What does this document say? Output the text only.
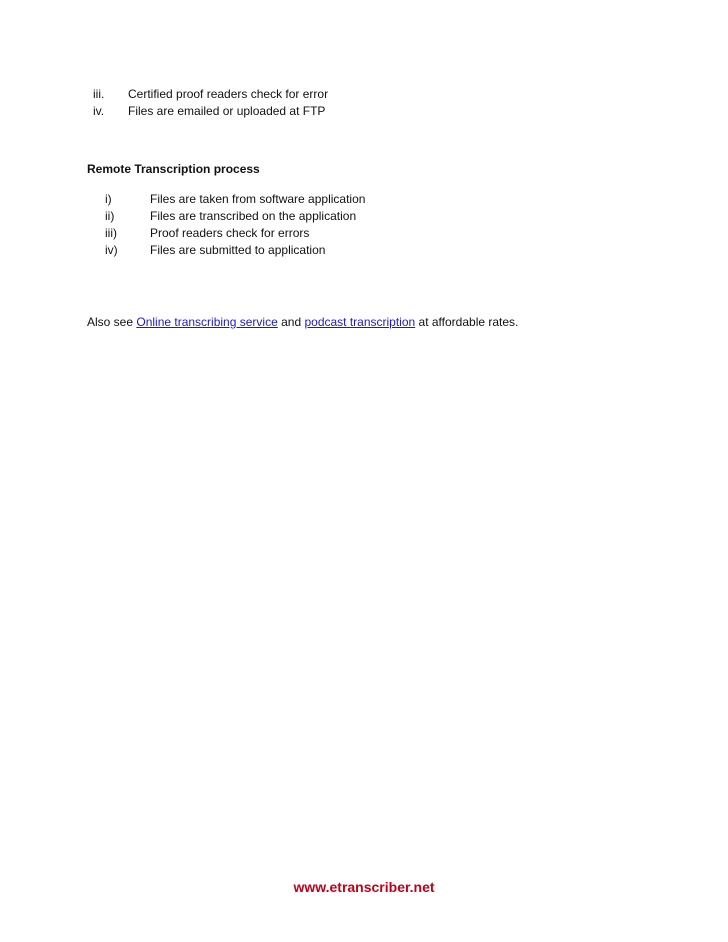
iii. Certified proof readers check for error
iv. Files are emailed or uploaded at FTP
Remote Transcription process
i)	Files are taken from software application
ii)	Files are transcribed on the application
iii)	Proof readers check for errors
iv)	Files are submitted to application

Also see Online transcribing service and podcast transcription at affordable rates.

www.etranscriber.net
